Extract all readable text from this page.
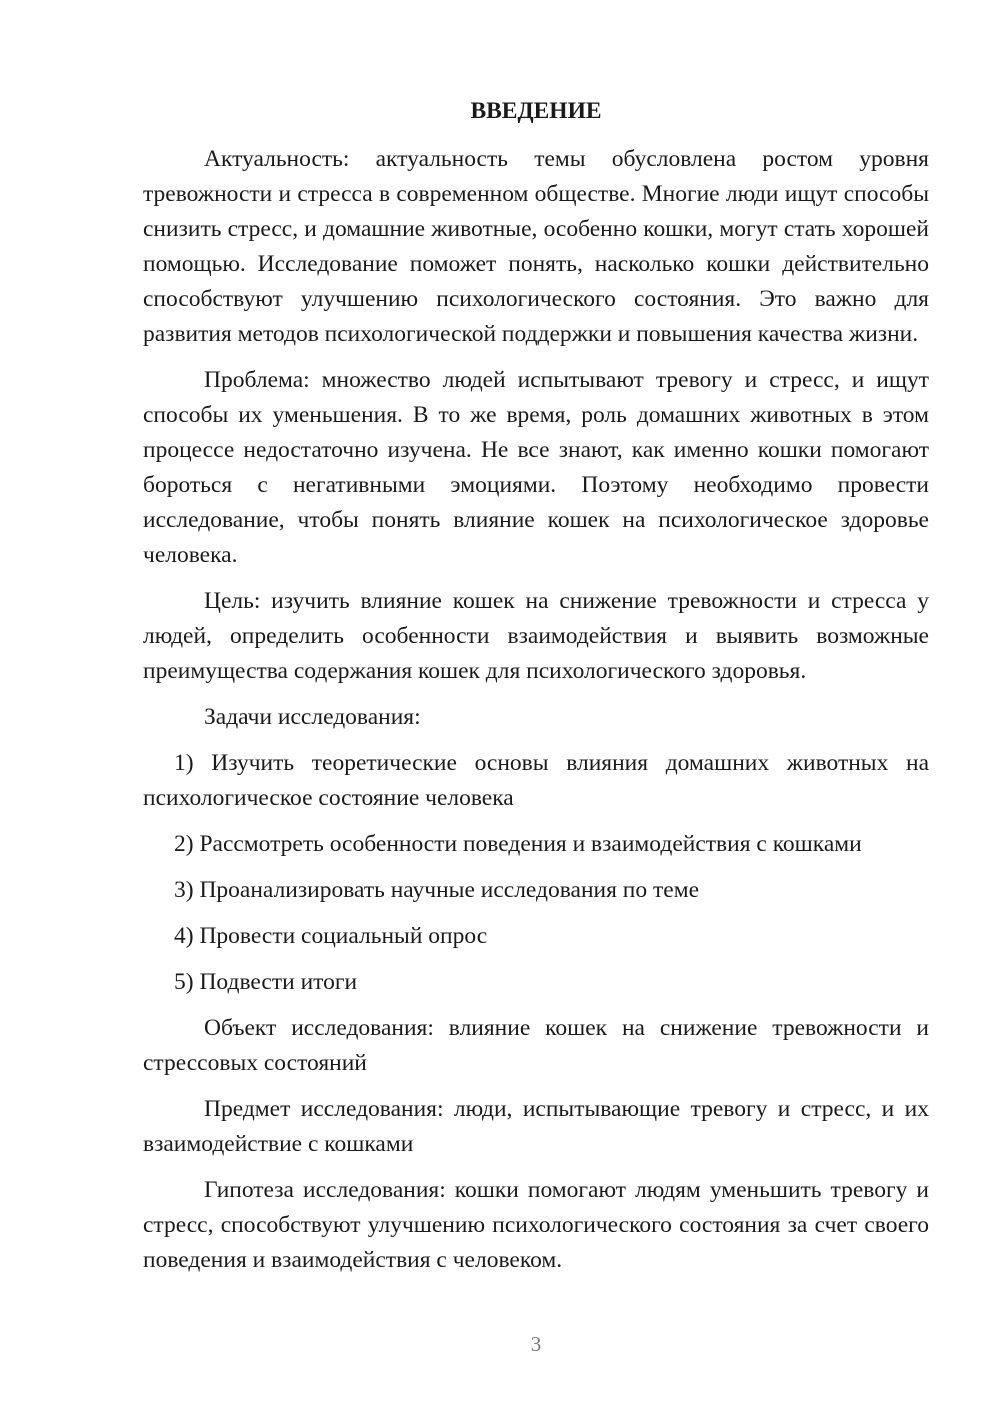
ВВЕДЕНИЕ

Актуальность: актуальность темы обусловлена ростом уровня тревожности и стресса в современном обществе. Многие люди ищут способы снизить стресс, и домашние животные, особенно кошки, могут стать хорошей помощью. Исследование поможет понять, насколько кошки действительно способствуют улучшению психологического состояния. Это важно для развития методов психологической поддержки и повышения качества жизни.

Проблема: множество людей испытывают тревогу и стресс, и ищут способы их уменьшения. В то же время, роль домашних животных в этом процессе недостаточно изучена. Не все знают, как именно кошки помогают бороться с негативными эмоциями. Поэтому необходимо провести исследование, чтобы понять влияние кошек на психологическое здоровье человека.

Цель: изучить влияние кошек на снижение тревожности и стресса у людей, определить особенности взаимодействия и выявить возможные преимущества содержания кошек для психологического здоровья.

Задачи исследования:

1) Изучить теоретические основы влияния домашних животных на психологическое состояние человека

2) Рассмотреть особенности поведения и взаимодействия с кошками

3) Проанализировать научные исследования по теме

4) Провести социальный опрос

5) Подвести итоги

Объект исследования: влияние кошек на снижение тревожности и стрессовых состояний

Предмет исследования: люди, испытывающие тревогу и стресс, и их взаимодействие с кошками

Гипотеза исследования: кошки помогают людям уменьшить тревогу и стресс, способствуют улучшению психологического состояния за счет своего поведения и взаимодействия с человеком.

3
